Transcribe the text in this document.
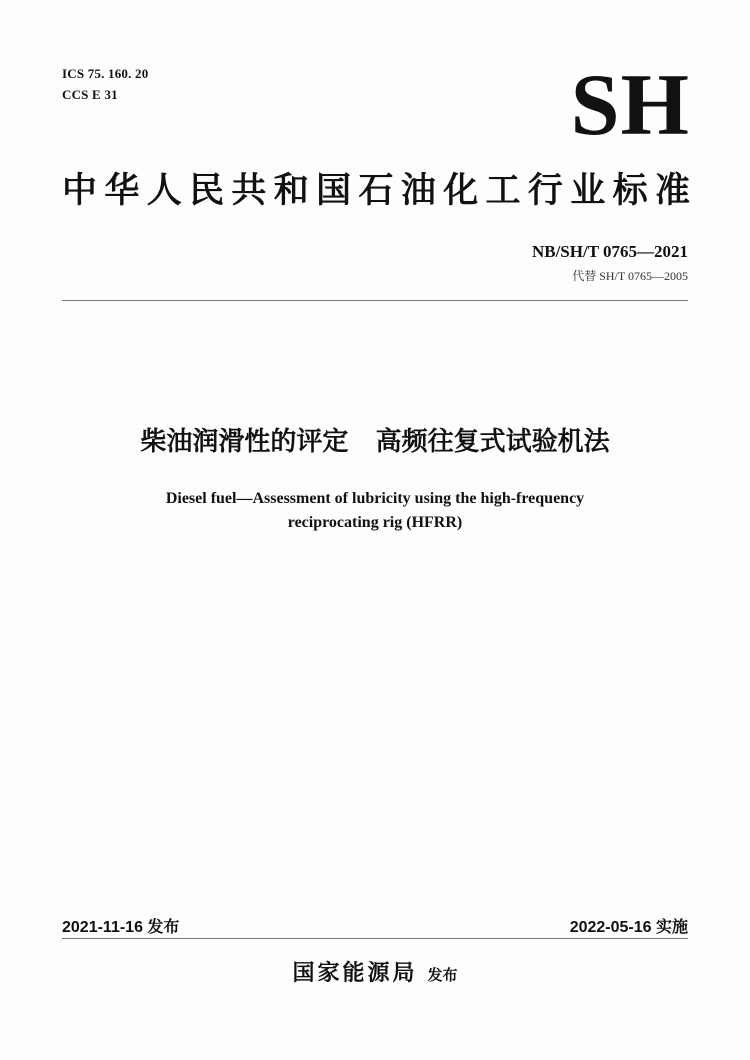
ICS 75. 160. 20
CCS E 31	SH
中华人民共和国石油化工行业标准
NB/SH/T 0765—2021
代替 SH/T 0765—2005
柴油润滑性的评定   高频往复式试验机法
Diesel fuel—Assessment of lubricity using the high-frequency
reciprocating rig (HFRR)
2021-11-16 发布	2022-05-16 实施
国家能源局 发布
